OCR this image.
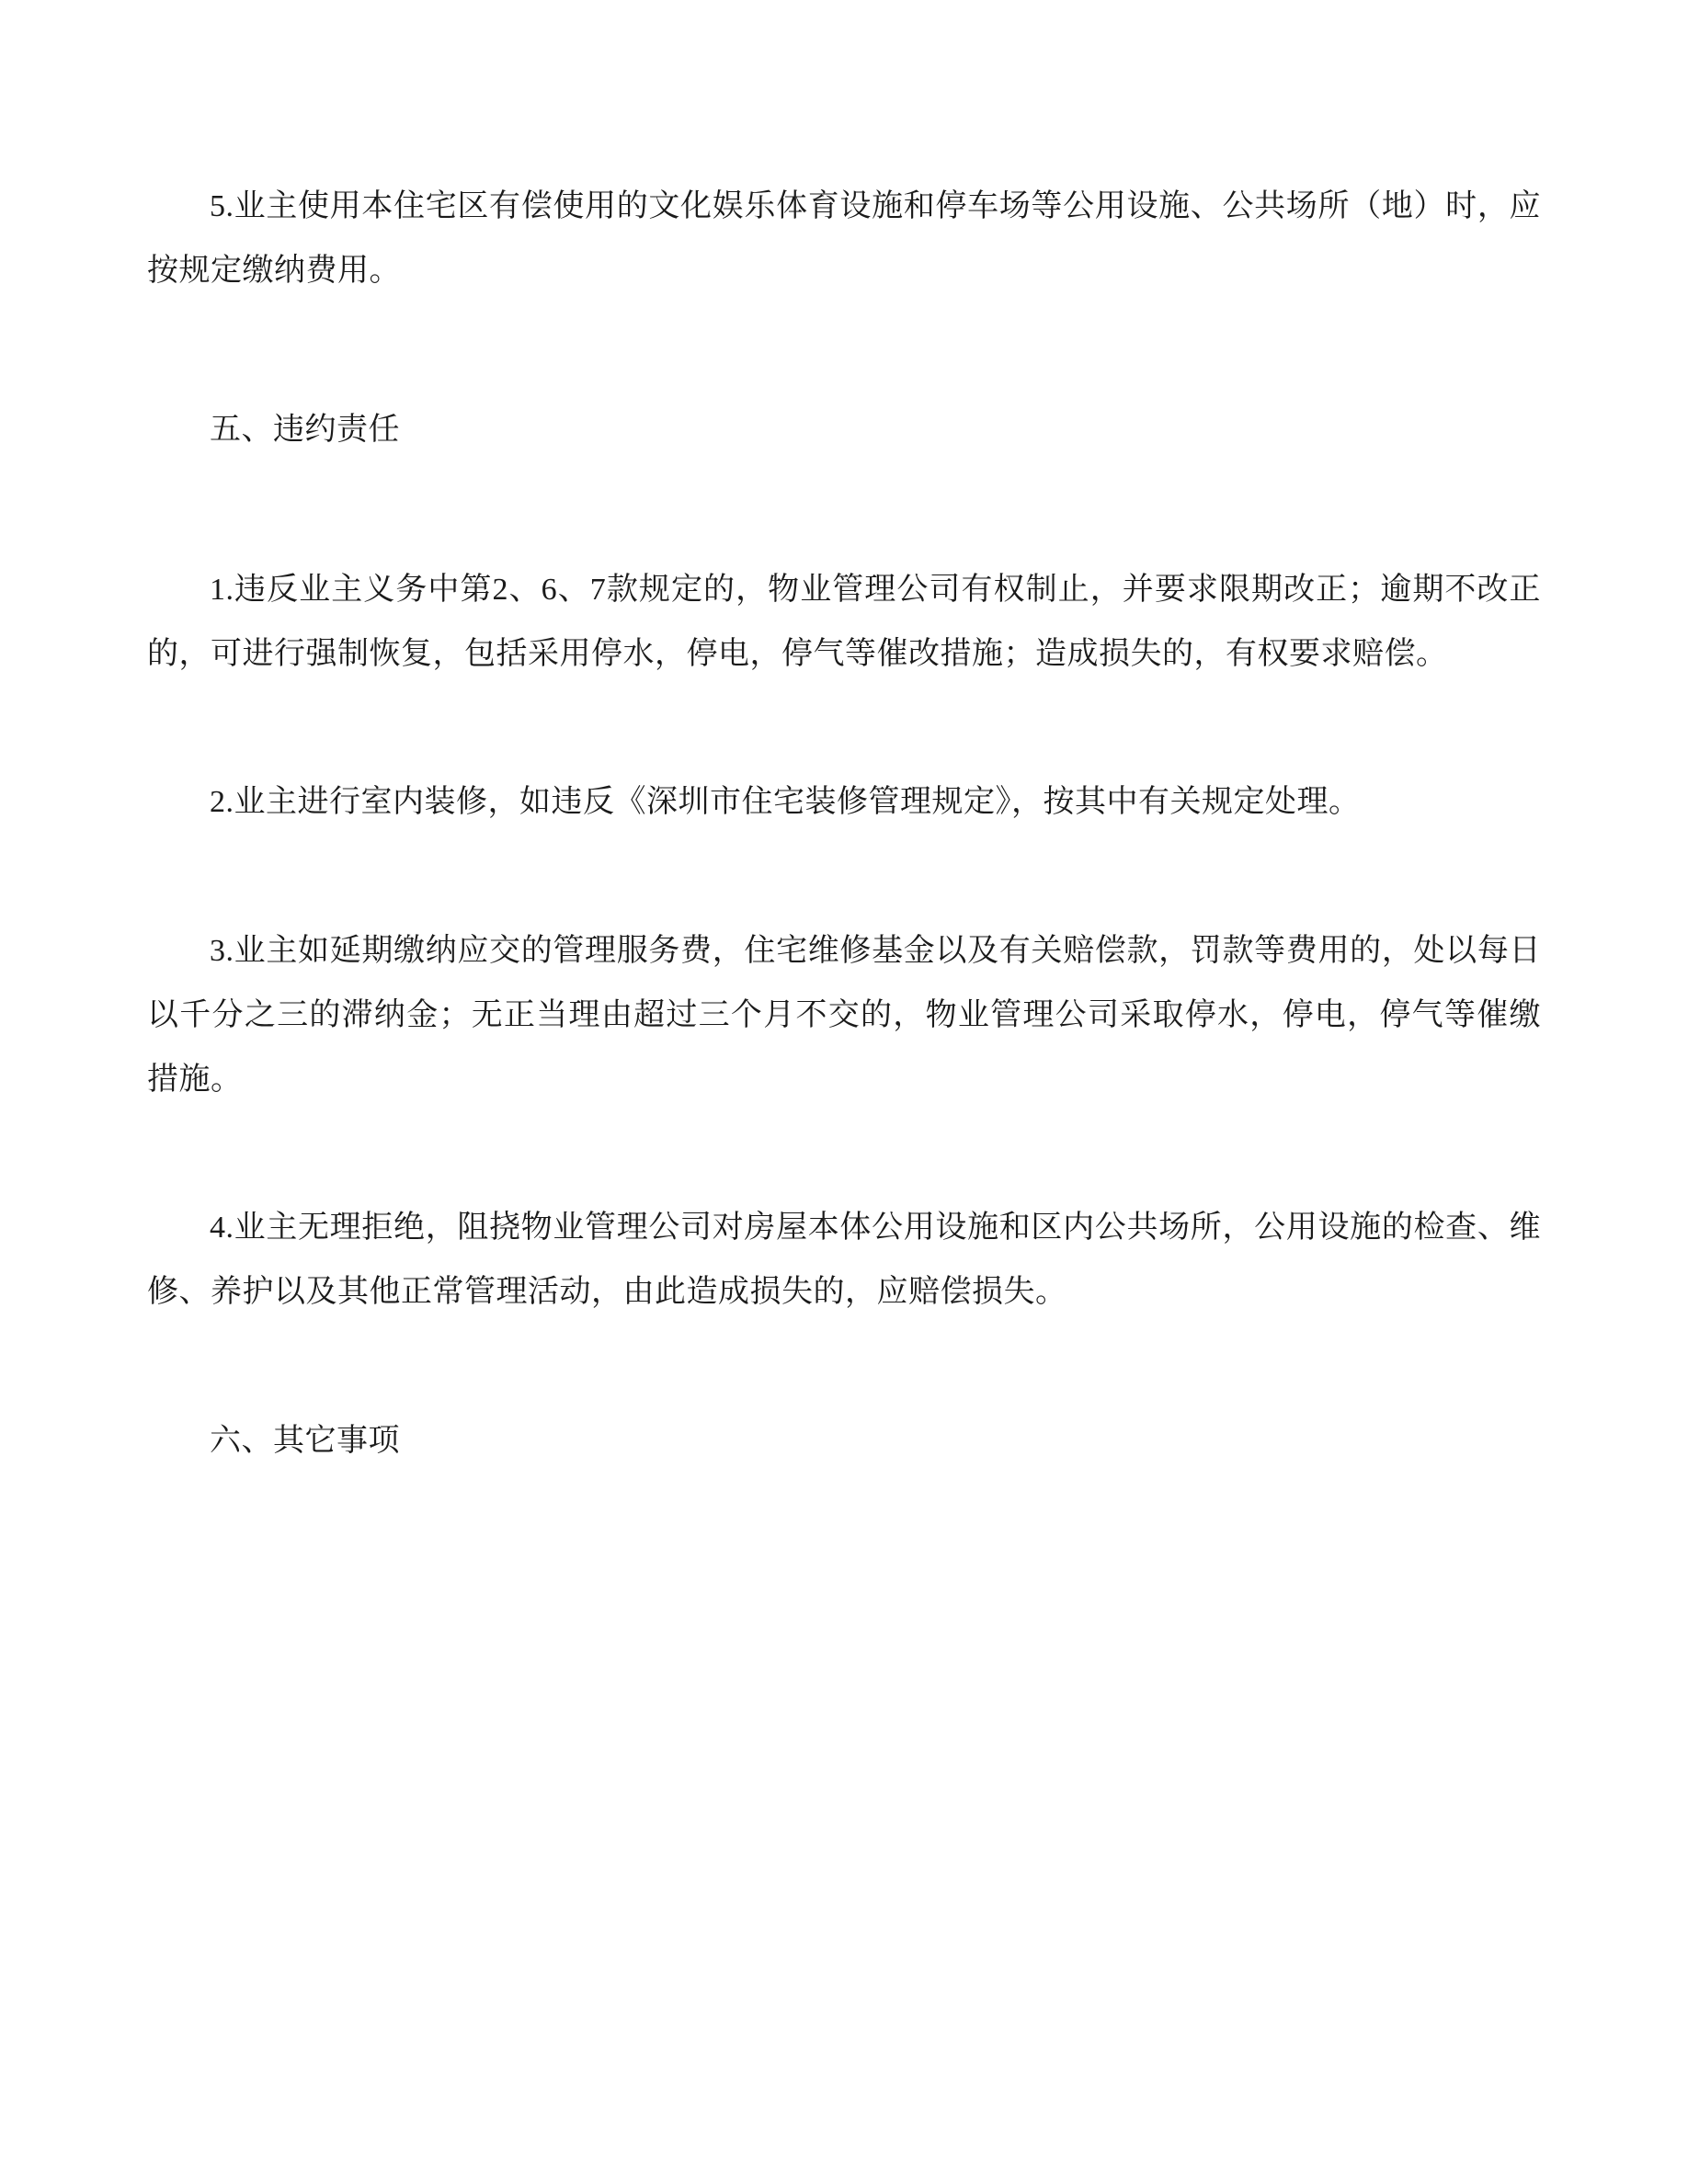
5.业主使用本住宅区有偿使用的文化娱乐体育设施和停车场等公用设施、公共场所（地）时，应按规定缴纳费用。

五、违约责任

1.违反业主义务中第2、6、7款规定的，物业管理公司有权制止，并要求限期改正；逾期不改正的，可进行强制恢复，包括采用停水，停电，停气等催改措施；造成损失的，有权要求赔偿。

2.业主进行室内装修，如违反《深圳市住宅装修管理规定》，按其中有关规定处理。

3.业主如延期缴纳应交的管理服务费，住宅维修基金以及有关赔偿款，罚款等费用的，处以每日以千分之三的滞纳金；无正当理由超过三个月不交的，物业管理公司采取停水，停电，停气等催缴措施。

4.业主无理拒绝，阻挠物业管理公司对房屋本体公用设施和区内公共场所，公用设施的检查、维修、养护以及其他正常管理活动，由此造成损失的，应赔偿损失。

六、其它事项
